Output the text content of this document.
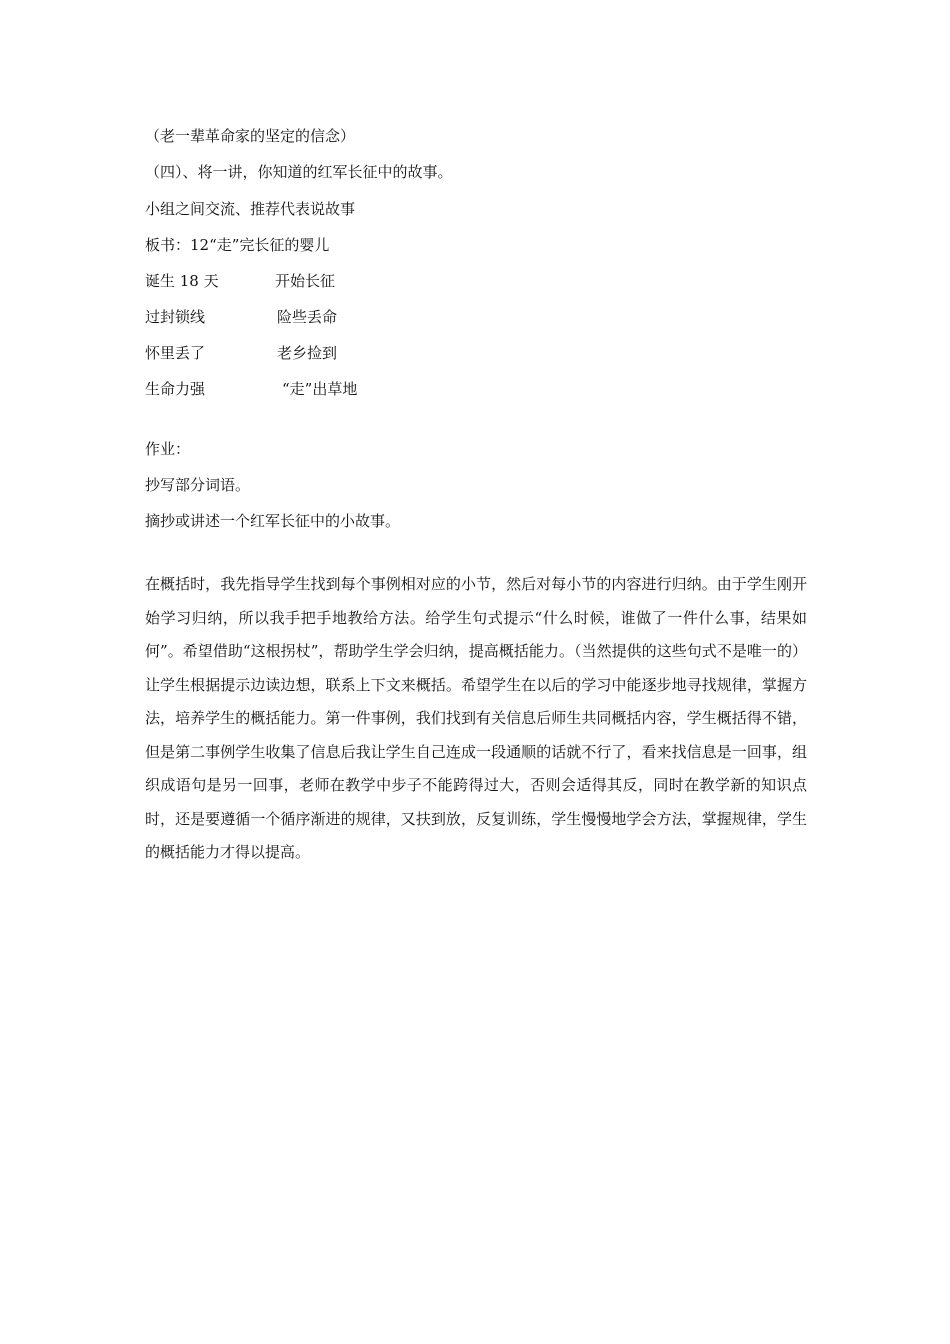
（老一辈革命家的坚定的信念）
（四）、将一讲，你知道的红军长征中的故事。
小组之间交流、推荐代表说故事
板书：12“走”完长征的婴儿
诞生 18 天	开始长征
过封锁线	险些丢命
怀里丢了	老乡捡到
生命力强	“走”出草地
作业：
抄写部分词语。
摘抄或讲述一个红军长征中的小故事。

在概括时，我先指导学生找到每个事例相对应的小节，然后对每小节的内容进行归纳。由于学生刚开始学习归纳，所以我手把手地教给方法。给学生句式提示“什么时候，谁做了一件什么事，结果如何”。希望借助“这根拐杖”，帮助学生学会归纳，提高概括能力。（当然提供的这些句式不是唯一的）让学生根据提示边读边想，联系上下文来概括。希望学生在以后的学习中能逐步地寻找规律，掌握方法，培养学生的概括能力。第一件事例，我们找到有关信息后师生共同概括内容，学生概括得不错，但是第二事例学生收集了信息后我让学生自己连成一段通顺的话就不行了，看来找信息是一回事，组织成语句是另一回事，老师在教学中步子不能跨得过大，否则会适得其反，同时在教学新的知识点时，还是要遵循一个循序渐进的规律，又扶到放，反复训练，学生慢慢地学会方法，掌握规律，学生的概括能力才得以提高。
